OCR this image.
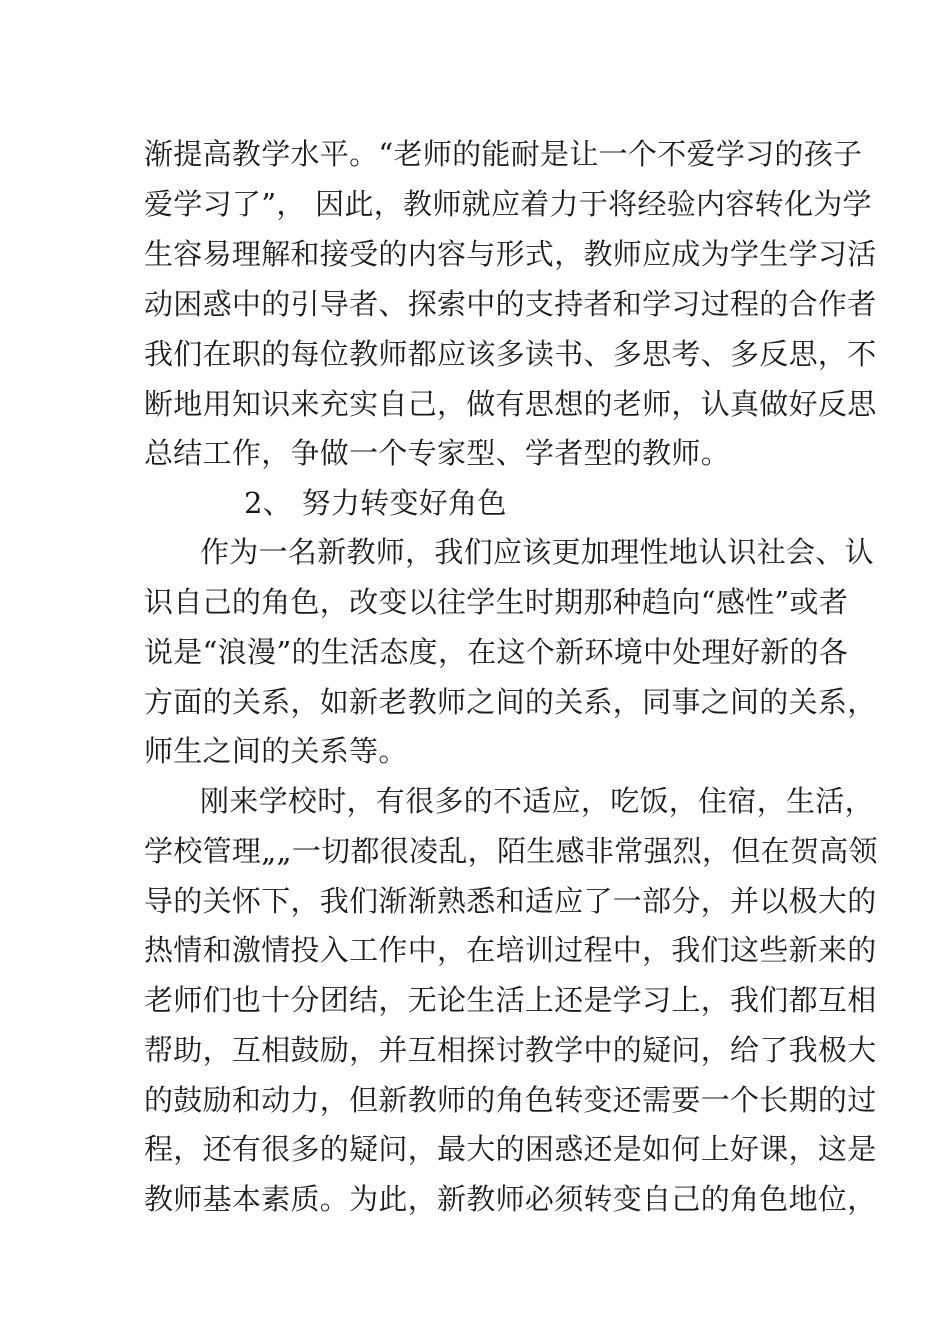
渐提高教学水平。“老师的能耐是让一个不爱学习的孩子
爱学习了”， 因此，教师就应着力于将经验内容转化为学
生容易理解和接受的内容与形式，教师应成为学生学习活
动困惑中的引导者、探索中的支持者和学习过程的合作者
我们在职的每位教师都应该多读书、多思考、多反思，不
断地用知识来充实自己，做有思想的老师，认真做好反思
总结工作，争做一个专家型、学者型的教师。
2、 努力转变好角色
作为一名新教师，我们应该更加理性地认识社会、认
识自己的角色，改变以往学生时期那种趋向“感性”或者
说是“浪漫”的生活态度，在这个新环境中处理好新的各
方面的关系，如新老教师之间的关系，同事之间的关系，
师生之间的关系等。
刚来学校时，有很多的不适应，吃饭，住宿，生活，
学校管理„„一切都很凌乱，陌生感非常强烈，但在贺高领
导的关怀下，我们渐渐熟悉和适应了一部分，并以极大的
热情和激情投入工作中，在培训过程中，我们这些新来的
老师们也十分团结，无论生活上还是学习上，我们都互相
帮助，互相鼓励，并互相探讨教学中的疑问，给了我极大
的鼓励和动力，但新教师的角色转变还需要一个长期的过
程，还有很多的疑问，最大的困惑还是如何上好课，这是
教师基本素质。为此，新教师必须转变自己的角色地位，
